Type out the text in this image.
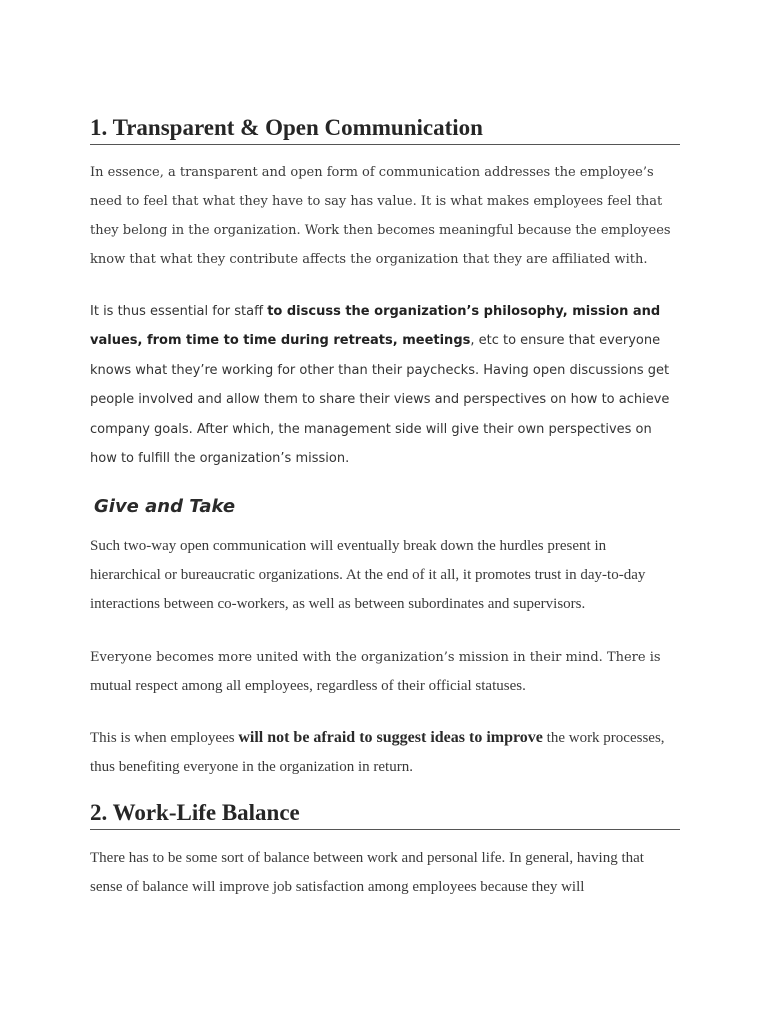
1. Transparent & Open Communication

In essence, a transparent and open form of communication addresses the employee’s need to feel that what they have to say has value. It is what makes employees feel that they belong in the organization. Work then becomes meaningful because the employees know that what they contribute affects the organization that they are affiliated with.

It is thus essential for staff to discuss the organization’s philosophy, mission and values, from time to time during retreats, meetings, etc to ensure that everyone knows what they’re working for other than their paychecks. Having open discussions get people involved and allow them to share their views and perspectives on how to achieve company goals. After which, the management side will give their own perspectives on how to fulfill the organization’s mission.

Give and Take

Such two-way open communication will eventually break down the hurdles present in hierarchical or bureaucratic organizations. At the end of it all, it promotes trust in day-to-day interactions between co-workers, as well as between subordinates and supervisors.

Everyone becomes more united with the organization’s mission in their mind. There is
mutual respect among all employees, regardless of their official statuses.

This is when employees will not be afraid to suggest ideas to improve the work processes, thus benefiting everyone in the organization in return.

2. Work-Life Balance

There has to be some sort of balance between work and personal life. In general, having that sense of balance will improve job satisfaction among employees because they will
